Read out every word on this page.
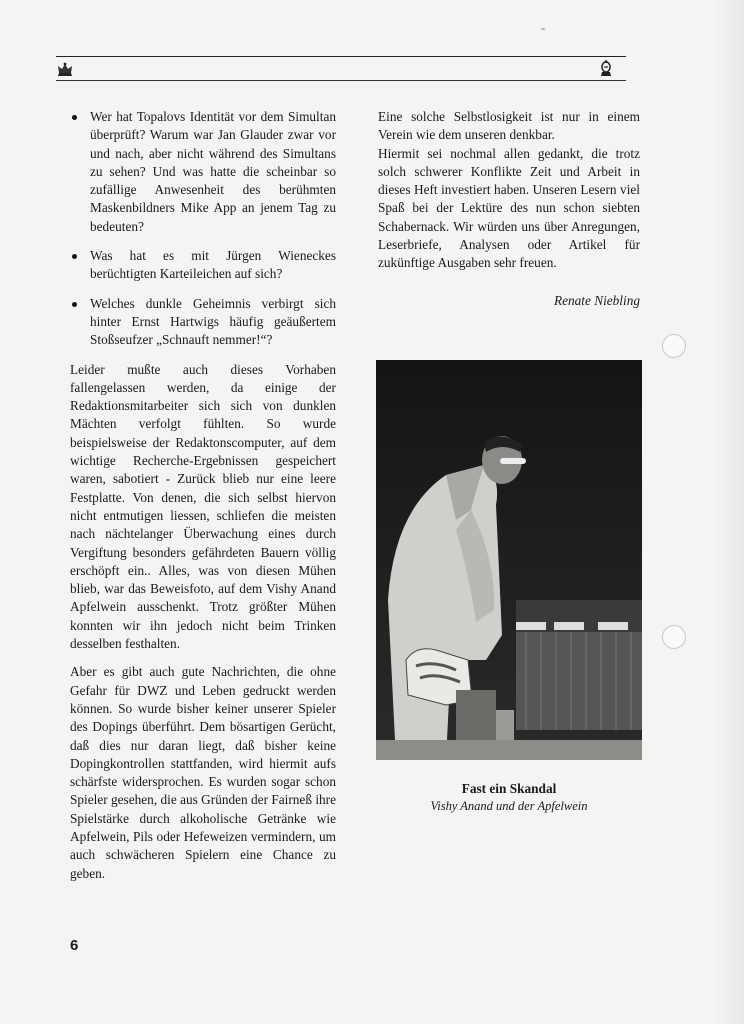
⌁
Wer hat Topalovs Identität vor dem Simultan überprüft? Warum war Jan Glauder zwar vor und nach, aber nicht während des Simultans zu sehen? Und was hatte die scheinbar so zufällige Anwesenheit des berühmten Maskenbildners Mike App an jenem Tag zu bedeuten?
Was hat es mit Jürgen Wieneckes berüchtigten Karteileichen auf sich?
Welches dunkle Geheimnis verbirgt sich hinter Ernst Hartwigs häufig geäußertem Stoßseufzer „Schnauft nemmer!“?

Leider mußte auch dieses Vorhaben fallengelassen werden, da einige der Redaktionsmitarbeiter sich sich von dunklen Mächten verfolgt fühlten. So wurde beispielsweise der Redaktonscomputer, auf dem wichtige Recherche-Ergebnissen gespeichert waren, sabotiert - Zurück blieb nur eine leere Festplatte. Von denen, die sich selbst hiervon nicht entmutigen liessen, schliefen die meisten nach nächtelanger Überwachung eines durch Vergiftung besonders gefährdeten Bauern völlig erschöpft ein.. Alles, was von diesen Mühen blieb, war das Beweisfoto, auf dem Vishy Anand Apfelwein ausschenkt. Trotz größter Mühen konnten wir ihn jedoch nicht beim Trinken desselben festhalten.

Aber es gibt auch gute Nachrichten, die ohne Gefahr für DWZ und Leben gedruckt werden können. So wurde bisher keiner unserer Spieler des Dopings überführt. Dem bösartigen Gerücht, daß dies nur daran liegt, daß bisher keine Dopingkontrollen stattfanden, wird hiermit aufs schärfste widersprochen. Es wurden sogar schon Spieler gesehen, die aus Gründen der Fairneß ihre Spielstärke durch alkoholische Getränke wie Apfelwein, Pils oder Hefeweizen vermindern, um auch schwächeren Spielern eine Chance zu geben.

Eine solche Selbstlosigkeit ist nur in einem Verein wie dem unseren denkbar.

Hiermit sei nochmal allen gedankt, die trotz solch schwerer Konflikte Zeit und Arbeit in dieses Heft investiert haben. Unseren Lesern viel Spaß bei der Lektüre des nun schon siebten Schabernack. Wir würden uns über Anregungen, Leserbriefe, Analysen oder Artikel für zukünftige Ausgaben sehr freuen.

Renate Niebling
Fast ein Skandal
Vishy Anand und der Apfelwein
6
